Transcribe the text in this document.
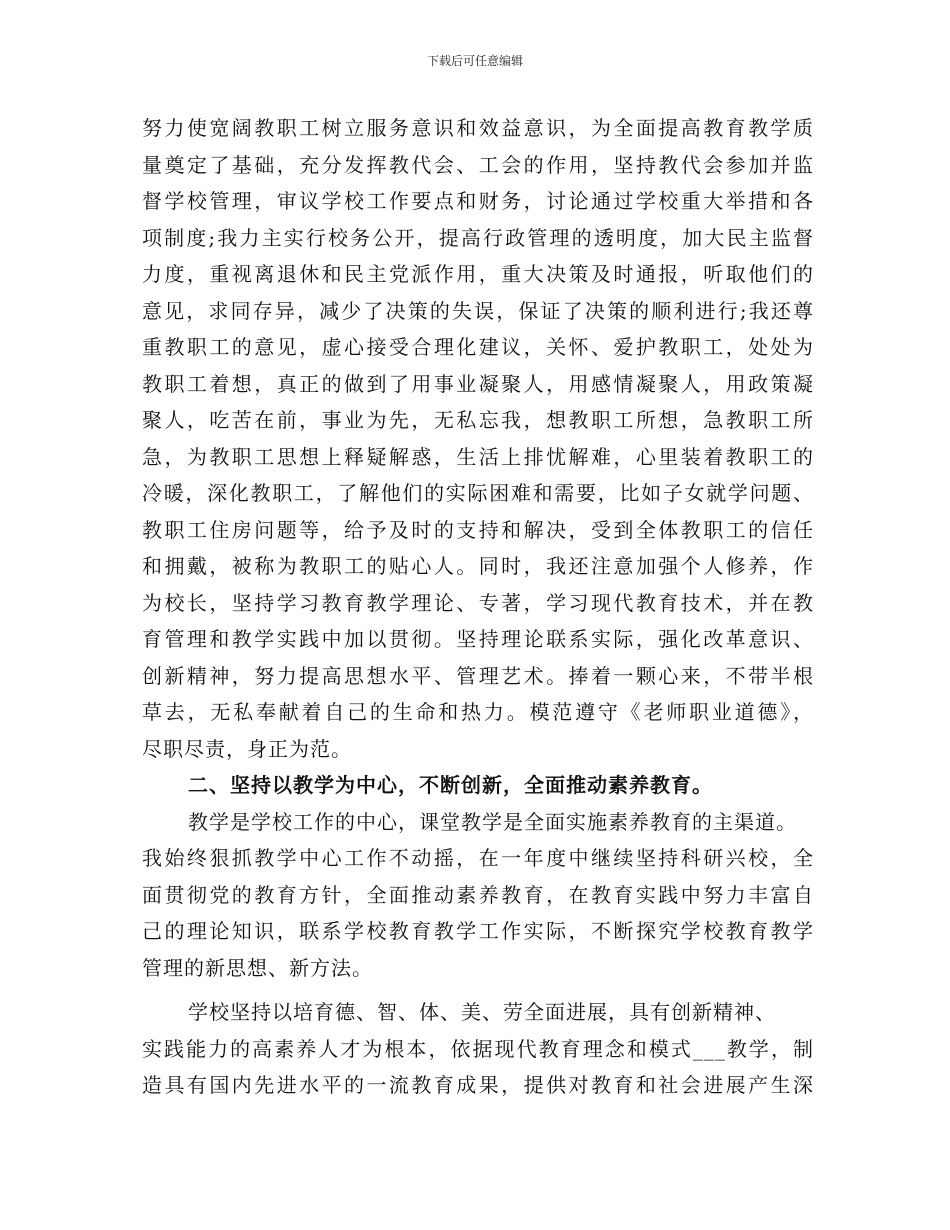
下载后可任意编辑
努力使宽阔教职工树立服务意识和效益意识，为全面提高教育教学质
量奠定了基础，充分发挥教代会、工会的作用，坚持教代会参加并监
督学校管理，审议学校工作要点和财务，讨论通过学校重大举措和各
项制度;我力主实行校务公开，提高行政管理的透明度，加大民主监督
力度，重视离退休和民主党派作用，重大决策及时通报，听取他们的
意见，求同存异，减少了决策的失误，保证了决策的顺利进行;我还尊
重教职工的意见，虚心接受合理化建议，关怀、爱护教职工，处处为
教职工着想，真正的做到了用事业凝聚人，用感情凝聚人，用政策凝
聚人，吃苦在前，事业为先，无私忘我，想教职工所想，急教职工所
急，为教职工思想上释疑解惑，生活上排忧解难，心里装着教职工的
冷暖，深化教职工，了解他们的实际困难和需要，比如子女就学问题、
教职工住房问题等，给予及时的支持和解决，受到全体教职工的信任
和拥戴，被称为教职工的贴心人。同时，我还注意加强个人修养，作
为校长，坚持学习教育教学理论、专著，学习现代教育技术，并在教
育管理和教学实践中加以贯彻。坚持理论联系实际，强化改革意识、
创新精神，努力提高思想水平、管理艺术。捧着一颗心来，不带半根
草去，无私奉献着自己的生命和热力。模范遵守《老师职业道德》，
尽职尽责，身正为范。
二、坚持以教学为中心，不断创新，全面推动素养教育。
教学是学校工作的中心，课堂教学是全面实施素养教育的主渠道。
我始终狠抓教学中心工作不动摇，在一年度中继续坚持科研兴校，全
面贯彻党的教育方针，全面推动素养教育，在教育实践中努力丰富自
己的理论知识，联系学校教育教学工作实际，不断探究学校教育教学
管理的新思想、新方法。
学校坚持以培育德、智、体、美、劳全面进展，具有创新精神、
实践能力的高素养人才为根本，依据现代教育理念和模式___教学，制
造具有国内先进水平的一流教育成果，提供对教育和社会进展产生深
